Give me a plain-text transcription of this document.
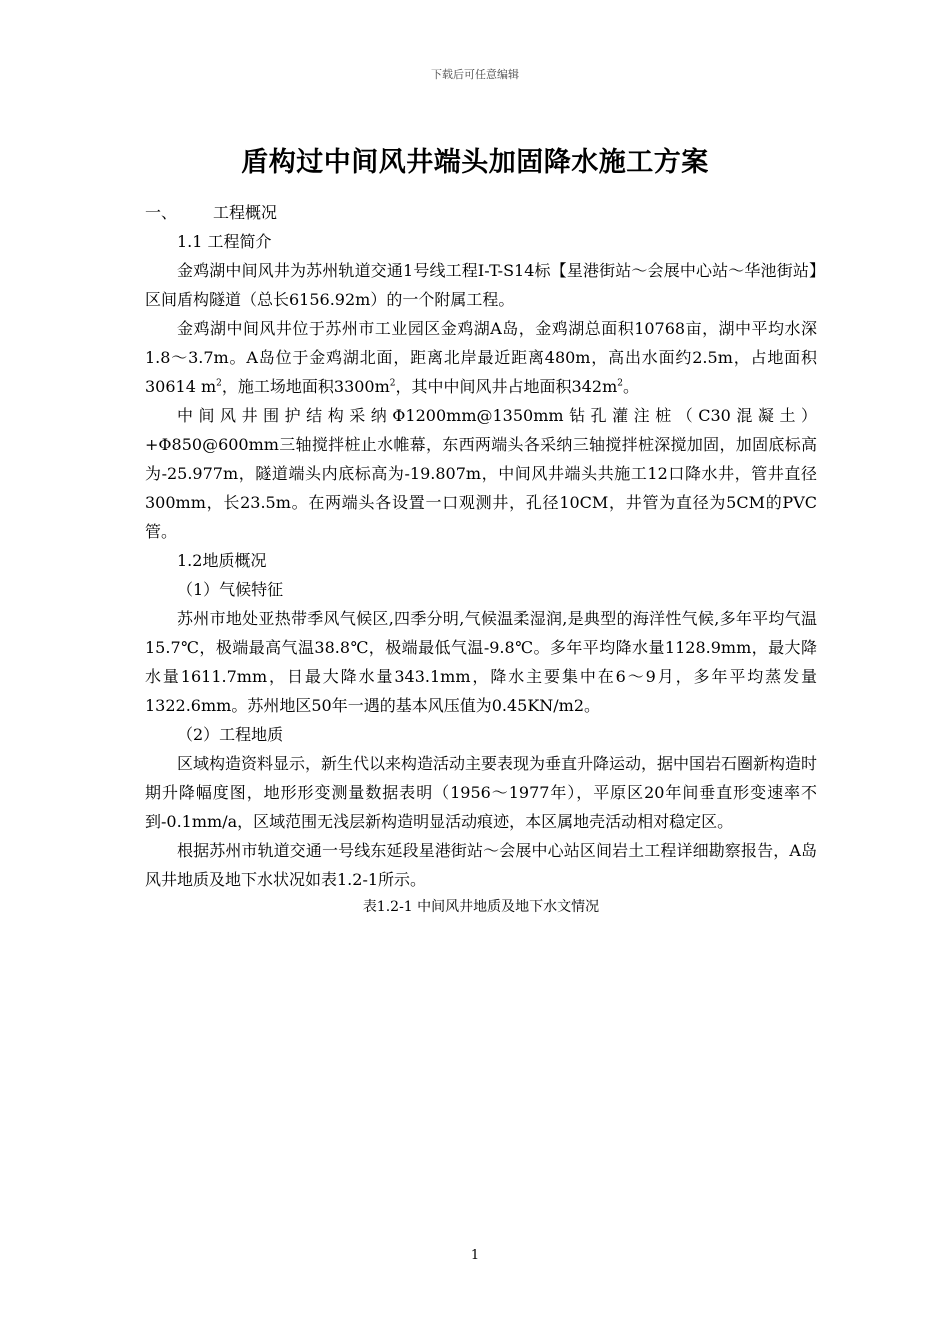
下载后可任意编辑
盾构过中间风井端头加固降水施工方案

一、 工程概况

1.1 工程简介

金鸡湖中间风井为苏州轨道交通1号线工程I-T-S14标【星港街站～会展中心站～华池街站】区间盾构隧道（总长6156.92m）的一个附属工程。

金鸡湖中间风井位于苏州市工业园区金鸡湖A岛，金鸡湖总面积10768亩，湖中平均水深1.8～3.7m。A岛位于金鸡湖北面，距离北岸最近距离480m，高出水面约2.5m，占地面积30614 $m^2$，施工场地面积$3300m^2$，其中中间风井占地面积$342m^2$。

中间风井围护结构采纳Φ1200mm@1350mm钻孔灌注桩（C30混凝土）+Φ850@600mm三轴搅拌桩止水帷幕，东西两端头各采纳三轴搅拌桩深搅加固，加固底标高为-25.977m，隧道端头内底标高为-19.807m，中间风井端头共施工12口降水井，管井直径300mm，长23.5m。在两端头各设置一口观测井，孔径10CM，井管为直径为5CM的PVC管。

1.2地质概况

（1）气候特征

苏州市地处亚热带季风气候区,四季分明,气候温柔湿润,是典型的海洋性气候,多年平均气温15.7℃，极端最高气温38.8℃，极端最低气温-9.8℃。多年平均降水量1128.9mm，最大降水量1611.7mm，日最大降水量343.1mm，降水主要集中在6～9月，多年平均蒸发量1322.6mm。苏州地区50年一遇的基本风压值为0.45KN/m2。

（2）工程地质

区域构造资料显示，新生代以来构造活动主要表现为垂直升降运动，据中国岩石圈新构造时期升降幅度图，地形形变测量数据表明（1956～1977年），平原区20年间垂直形变速率不到-0.1mm/a，区域范围无浅层新构造明显活动痕迹，本区属地壳活动相对稳定区。

根据苏州市轨道交通一号线东延段星港街站～会展中心站区间岩土工程详细勘察报告，A岛风井地质及地下水状况如表1.2-1所示。

表1.2-1 中间风井地质及地下水文情况

1
